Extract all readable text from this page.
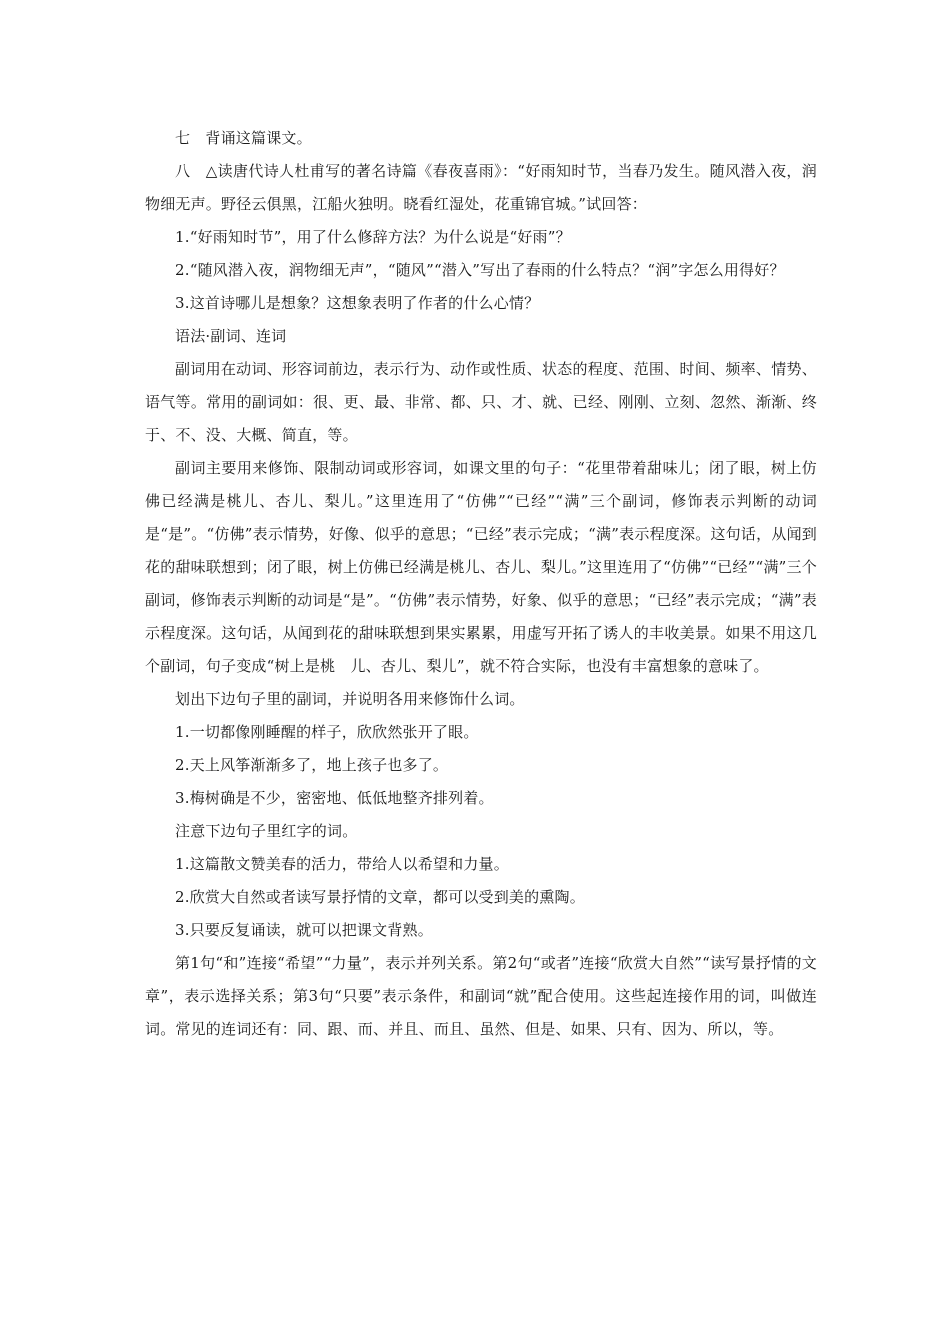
七　背诵这篇课文。

八　△读唐代诗人杜甫写的著名诗篇《春夜喜雨》：“好雨知时节，当春乃发生。随风潜入夜，润物细无声。野径云俱黑，江船火独明。晓看红湿处，花重锦官城。”试回答：

1.“好雨知时节”，用了什么修辞方法？为什么说是“好雨”？

2.“随风潜入夜，润物细无声”，“随风”“潜入”写出了春雨的什么特点？“润”字怎么用得好？

3.这首诗哪儿是想象？这想象表明了作者的什么心情？

语法·副词、连词

副词用在动词、形容词前边，表示行为、动作或性质、状态的程度、范围、时间、频率、情势、语气等。常用的副词如：很、更、最、非常、都、只、才、就、已经、刚刚、立刻、忽然、渐渐、终于、不、没、大概、简直，等。

副词主要用来修饰、限制动词或形容词，如课文里的句子：“花里带着甜味儿；闭了眼，树上仿佛已经满是桃儿、杏儿、梨儿。”这里连用了“仿佛”“已经”“满”三个副词，修饰表示判断的动词是“是”。“仿佛”表示情势，好像、似乎的意思；“已经”表示完成；“满”表示程度深。这句话，从闻到花的甜味联想到；闭了眼，树上仿佛已经满是桃儿、杏儿、梨儿。”这里连用了“仿佛”“已经”“满”三个副词，修饰表示判断的动词是“是”。“仿佛”表示情势，好象、似乎的意思；“已经”表示完成；“满”表示程度深。这句话，从闻到花的甜味联想到果实累累，用虚写开拓了诱人的丰收美景。如果不用这几个副词，句子变成“树上是桃　儿、杏儿、梨儿”，就不符合实际，也没有丰富想象的意味了。

划出下边句子里的副词，并说明各用来修饰什么词。

1.一切都像刚睡醒的样子，欣欣然张开了眼。

2.天上风筝渐渐多了，地上孩子也多了。

3.梅树确是不少，密密地、低低地整齐排列着。

注意下边句子里红字的词。

1.这篇散文赞美春的活力，带给人以希望和力量。

2.欣赏大自然或者读写景抒情的文章，都可以受到美的熏陶。

3.只要反复诵读，就可以把课文背熟。

第1句“和”连接“希望”“力量”，表示并列关系。第2句“或者”连接“欣赏大自然”“读写景抒情的文章”，表示选择关系；第3句“只要”表示条件，和副词“就”配合使用。这些起连接作用的词，叫做连词。常见的连词还有：同、跟、而、并且、而且、虽然、但是、如果、只有、因为、所以，等。
